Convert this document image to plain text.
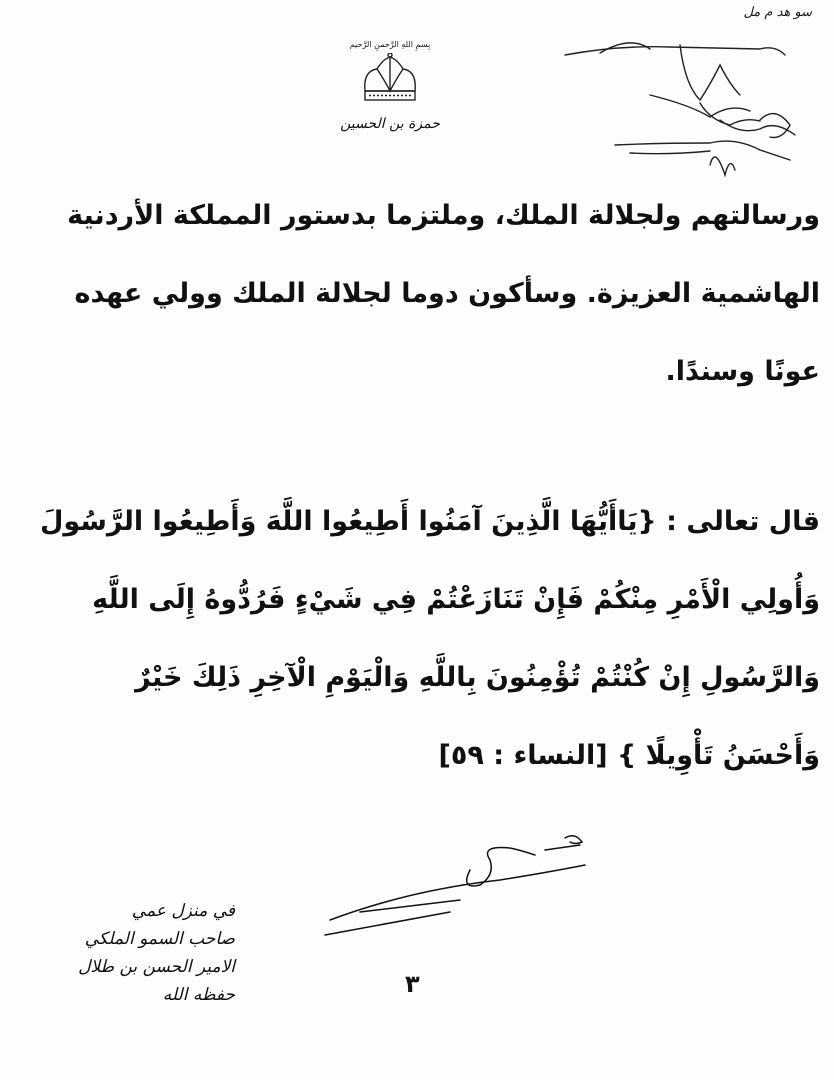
سو هد م مل
بِسمِ اللهِ الرَّحمنِ الرَّحيم
حمزة بن الحسين
ورسالتهم ولجلالة الملك، وملتزما بدستور المملكة الأردنية
الهاشمية العزيزة. وسأكون دوما لجلالة الملك وولي عهده
عونًا وسندًا.
قال تعالى : {يَاأَيُّهَا الَّذِينَ آمَنُوا أَطِيعُوا اللَّهَ وَأَطِيعُوا الرَّسُولَ
وَأُولِي الْأَمْرِ مِنْكُمْ فَإِنْ تَنَازَعْتُمْ فِي شَيْءٍ فَرُدُّوهُ إِلَى اللَّهِ
وَالرَّسُولِ إِنْ كُنْتُمْ تُؤْمِنُونَ بِاللَّهِ وَالْيَوْمِ الْآخِرِ ذَلِكَ خَيْرٌ
وَأَحْسَنُ تَأْوِيلًا } [النساء : ٥٩]
في منزل عمي
صاحب السمو الملكي
الامير الحسن بن طلال
حفظه الله	٣
